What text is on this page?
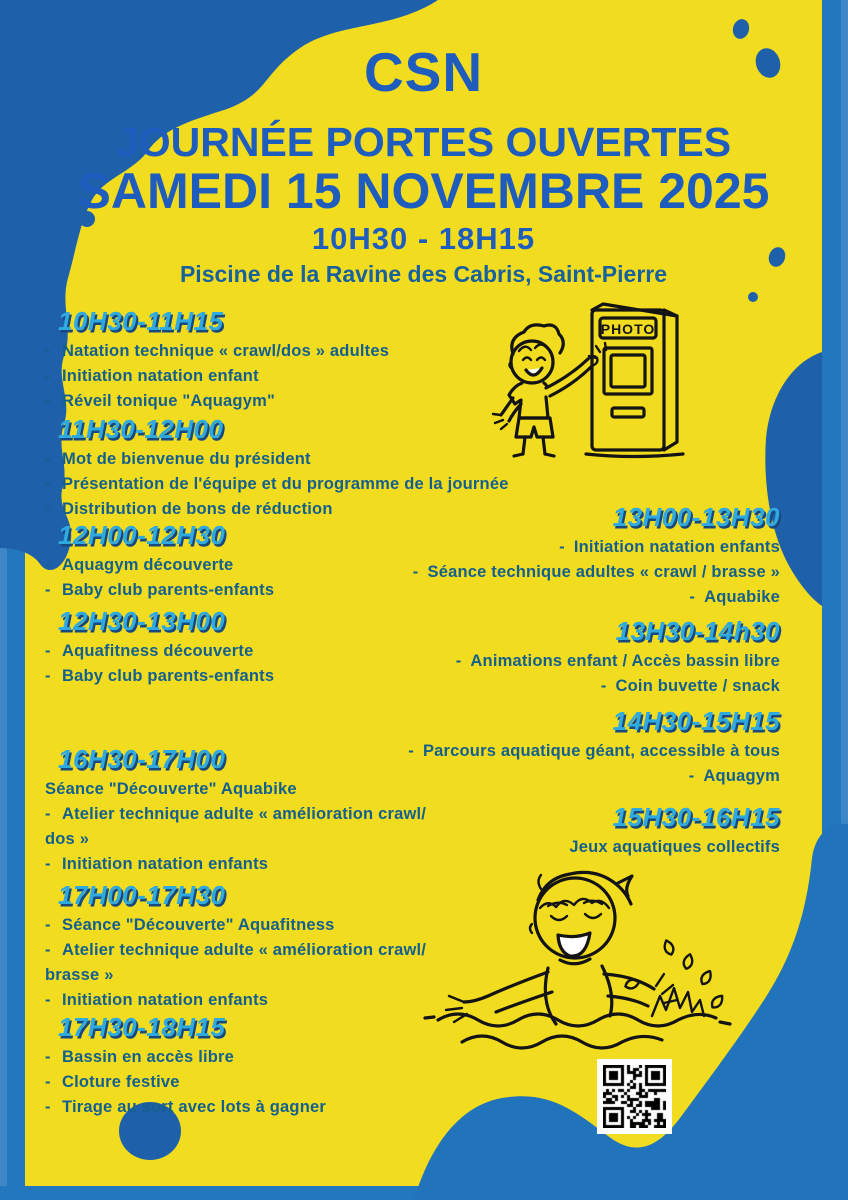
CSN
JOURNÉE PORTES OUVERTES
SAMEDI 15 NOVEMBRE 2025
10H30 - 18H15
Piscine de la Ravine des Cabris, Saint-Pierre
PHOTO
10H30-11H15
- Natation technique « crawl/dos » adultes
- Initiation natation enfant
- Réveil tonique "Aquagym"
11H30-12H00
- Mot de bienvenue du président
- Présentation de l'équipe et du programme de la journée
- Distribution de bons de réduction
12H00-12H30
- Aquagym découverte
- Baby club parents-enfants
12H30-13H00
- Aquafitness découverte
- Baby club parents-enfants
16H30-17H00
Séance "Découverte" Aquabike
- Atelier technique adulte « amélioration crawl/
dos »
- Initiation natation enfants
17H00-17H30
- Séance "Découverte" Aquafitness
- Atelier technique adulte « amélioration crawl/
brasse »
- Initiation natation enfants
17H30-18H15
- Bassin en accès libre
- Cloture festive
- Tirage au sort avec lots à gagner
13H00-13H30
- Initiation natation enfants
- Séance technique adultes « crawl / brasse »
- Aquabike
13H30-14h30
- Animations enfant / Accès bassin libre
- Coin buvette / snack
14H30-15H15
- Parcours aquatique géant, accessible à tous
- Aquagym
15H30-16H15
Jeux aquatiques collectifs
